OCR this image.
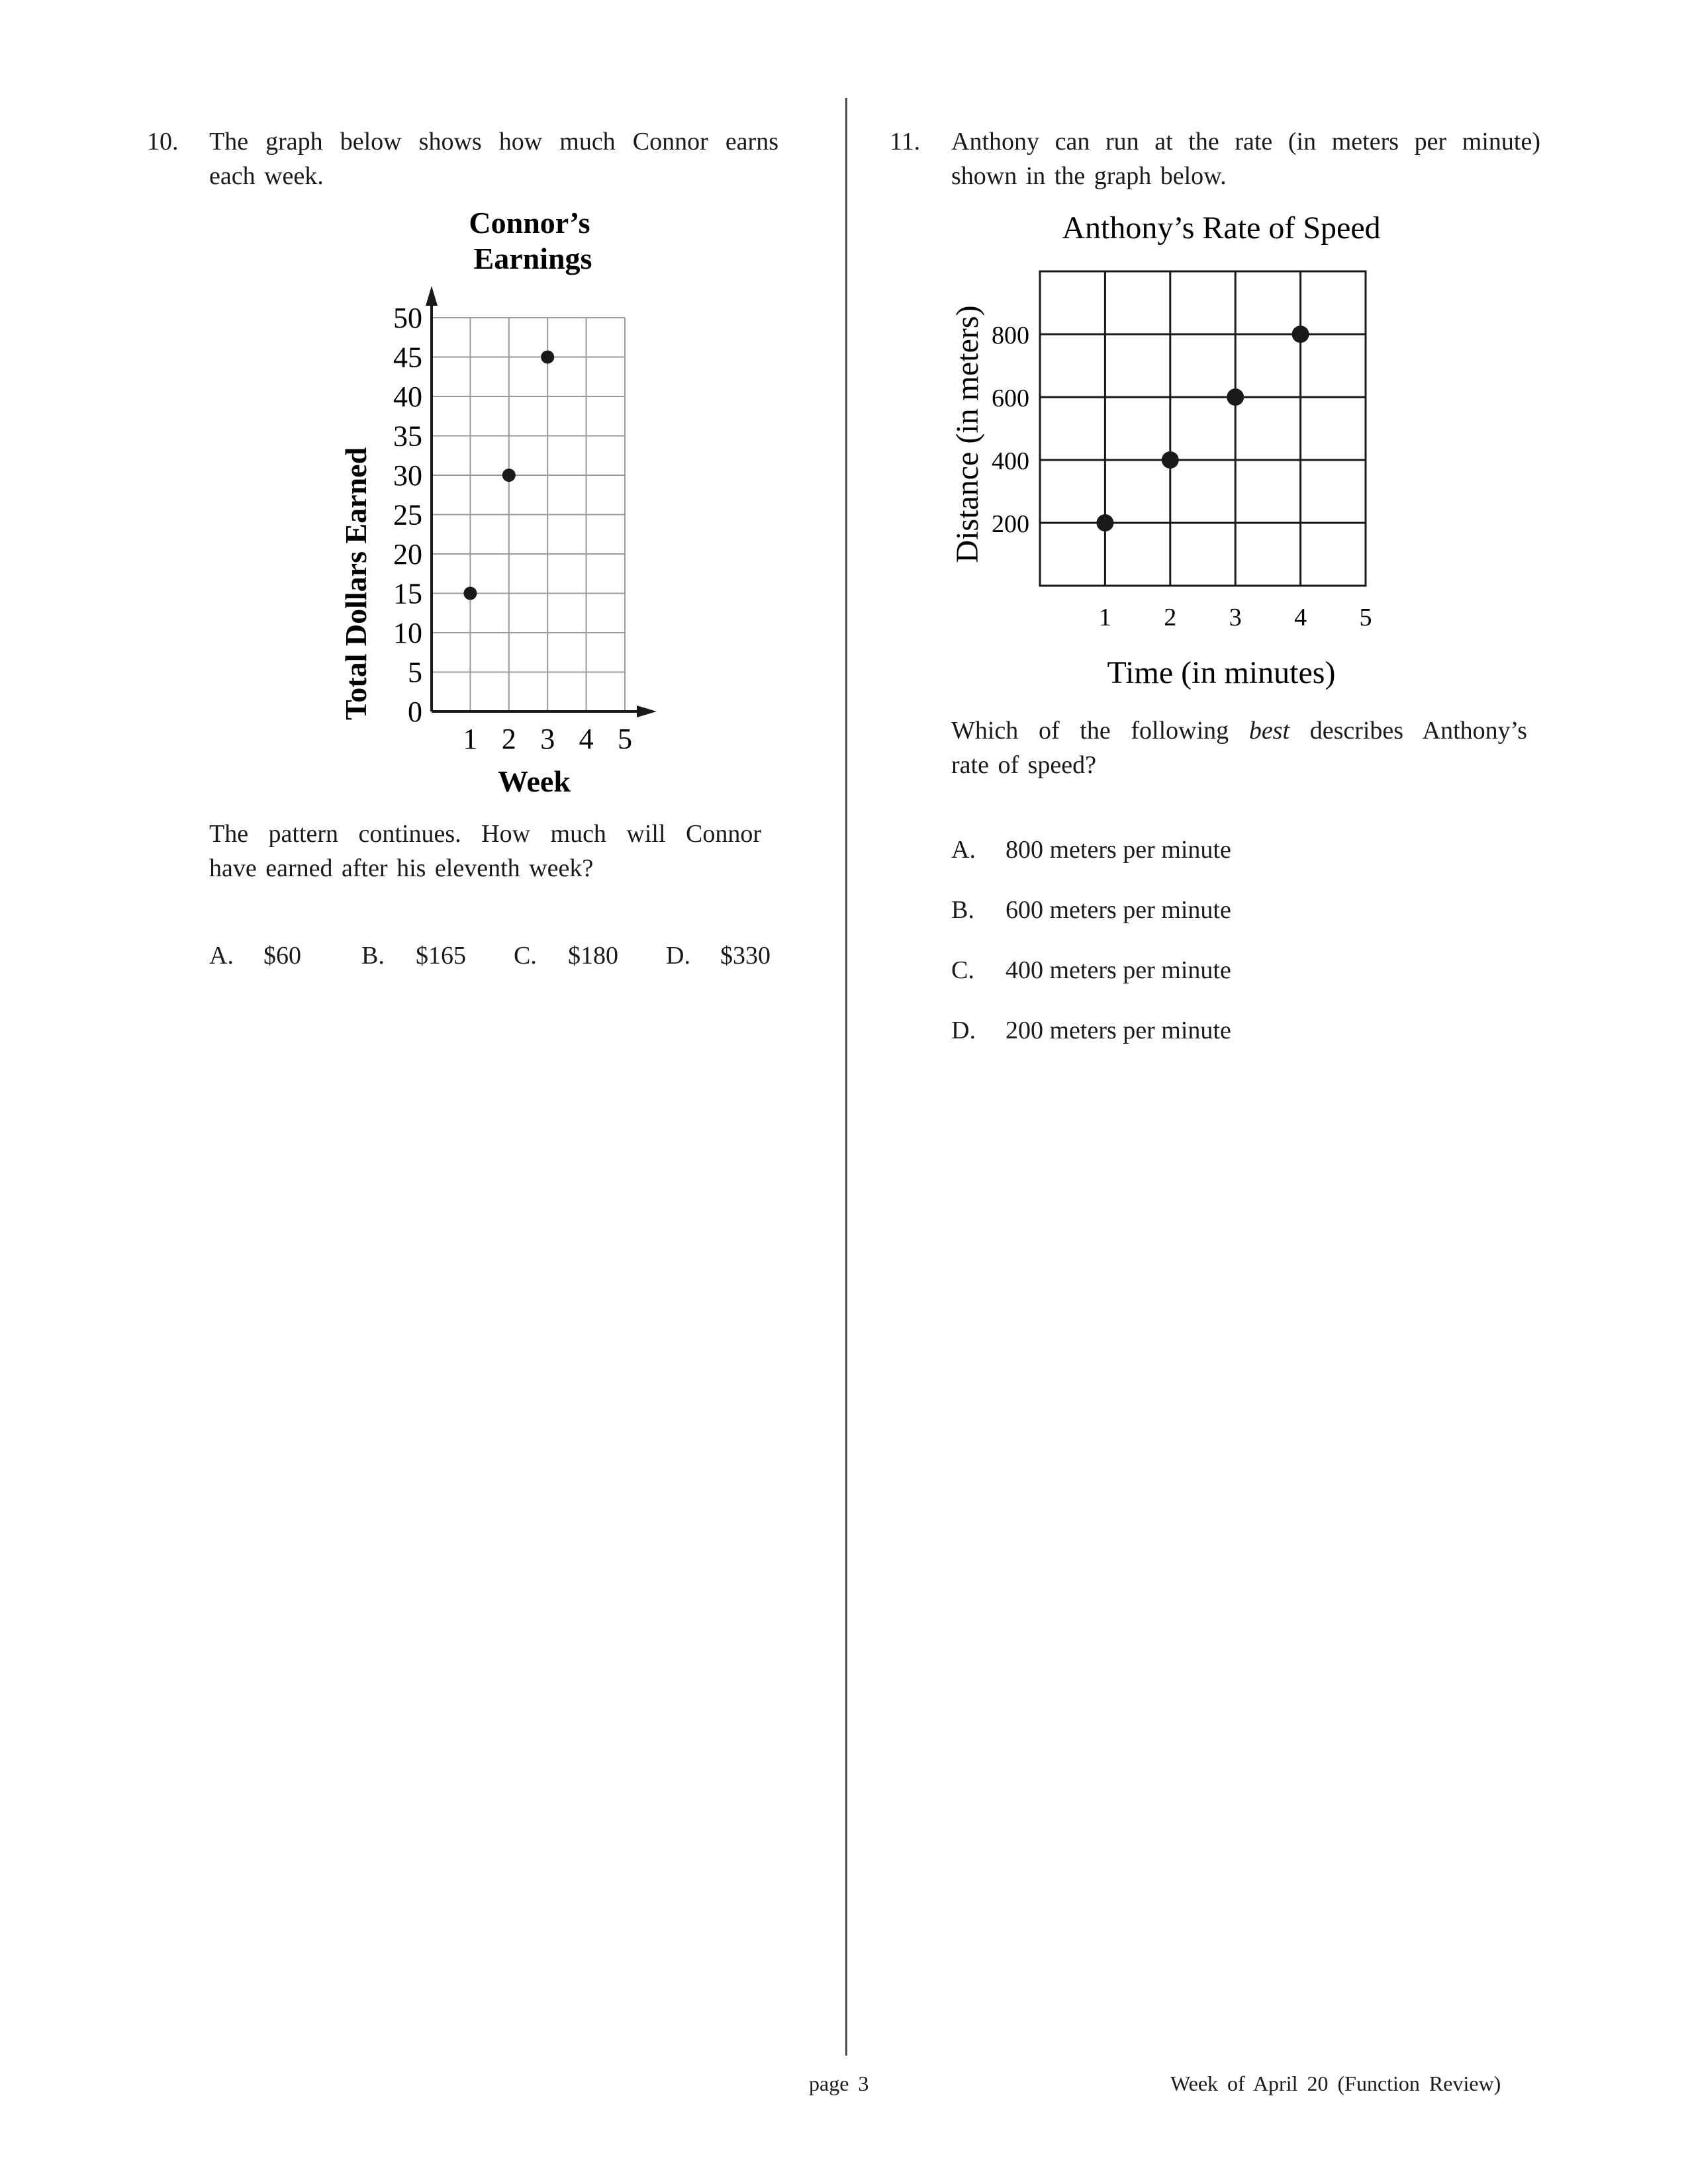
10. The graph below shows how much Connor earns
each week.
Connor’s
Earnings
0
5
10
15
20
25
30
35
40
45
50
1 2 3 4 5
Total Dollars Earned
Week
The pattern continues. How much will Connor
have earned after his eleventh week?
A. $60 B. $165 C. $180 D. $330
11. Anthony can run at the rate (in meters per minute)
shown in the graph below.
Anthony’s Rate of Speed
200
400
600
800
1 2 3 4 5
Distance (in meters)
Time (in minutes)
Which of the following best describes Anthony’s
rate of speed?
A. 800 meters per minute
B. 600 meters per minute
C. 400 meters per minute
D. 200 meters per minute
page 3	Week of April 20 (Function Review)
